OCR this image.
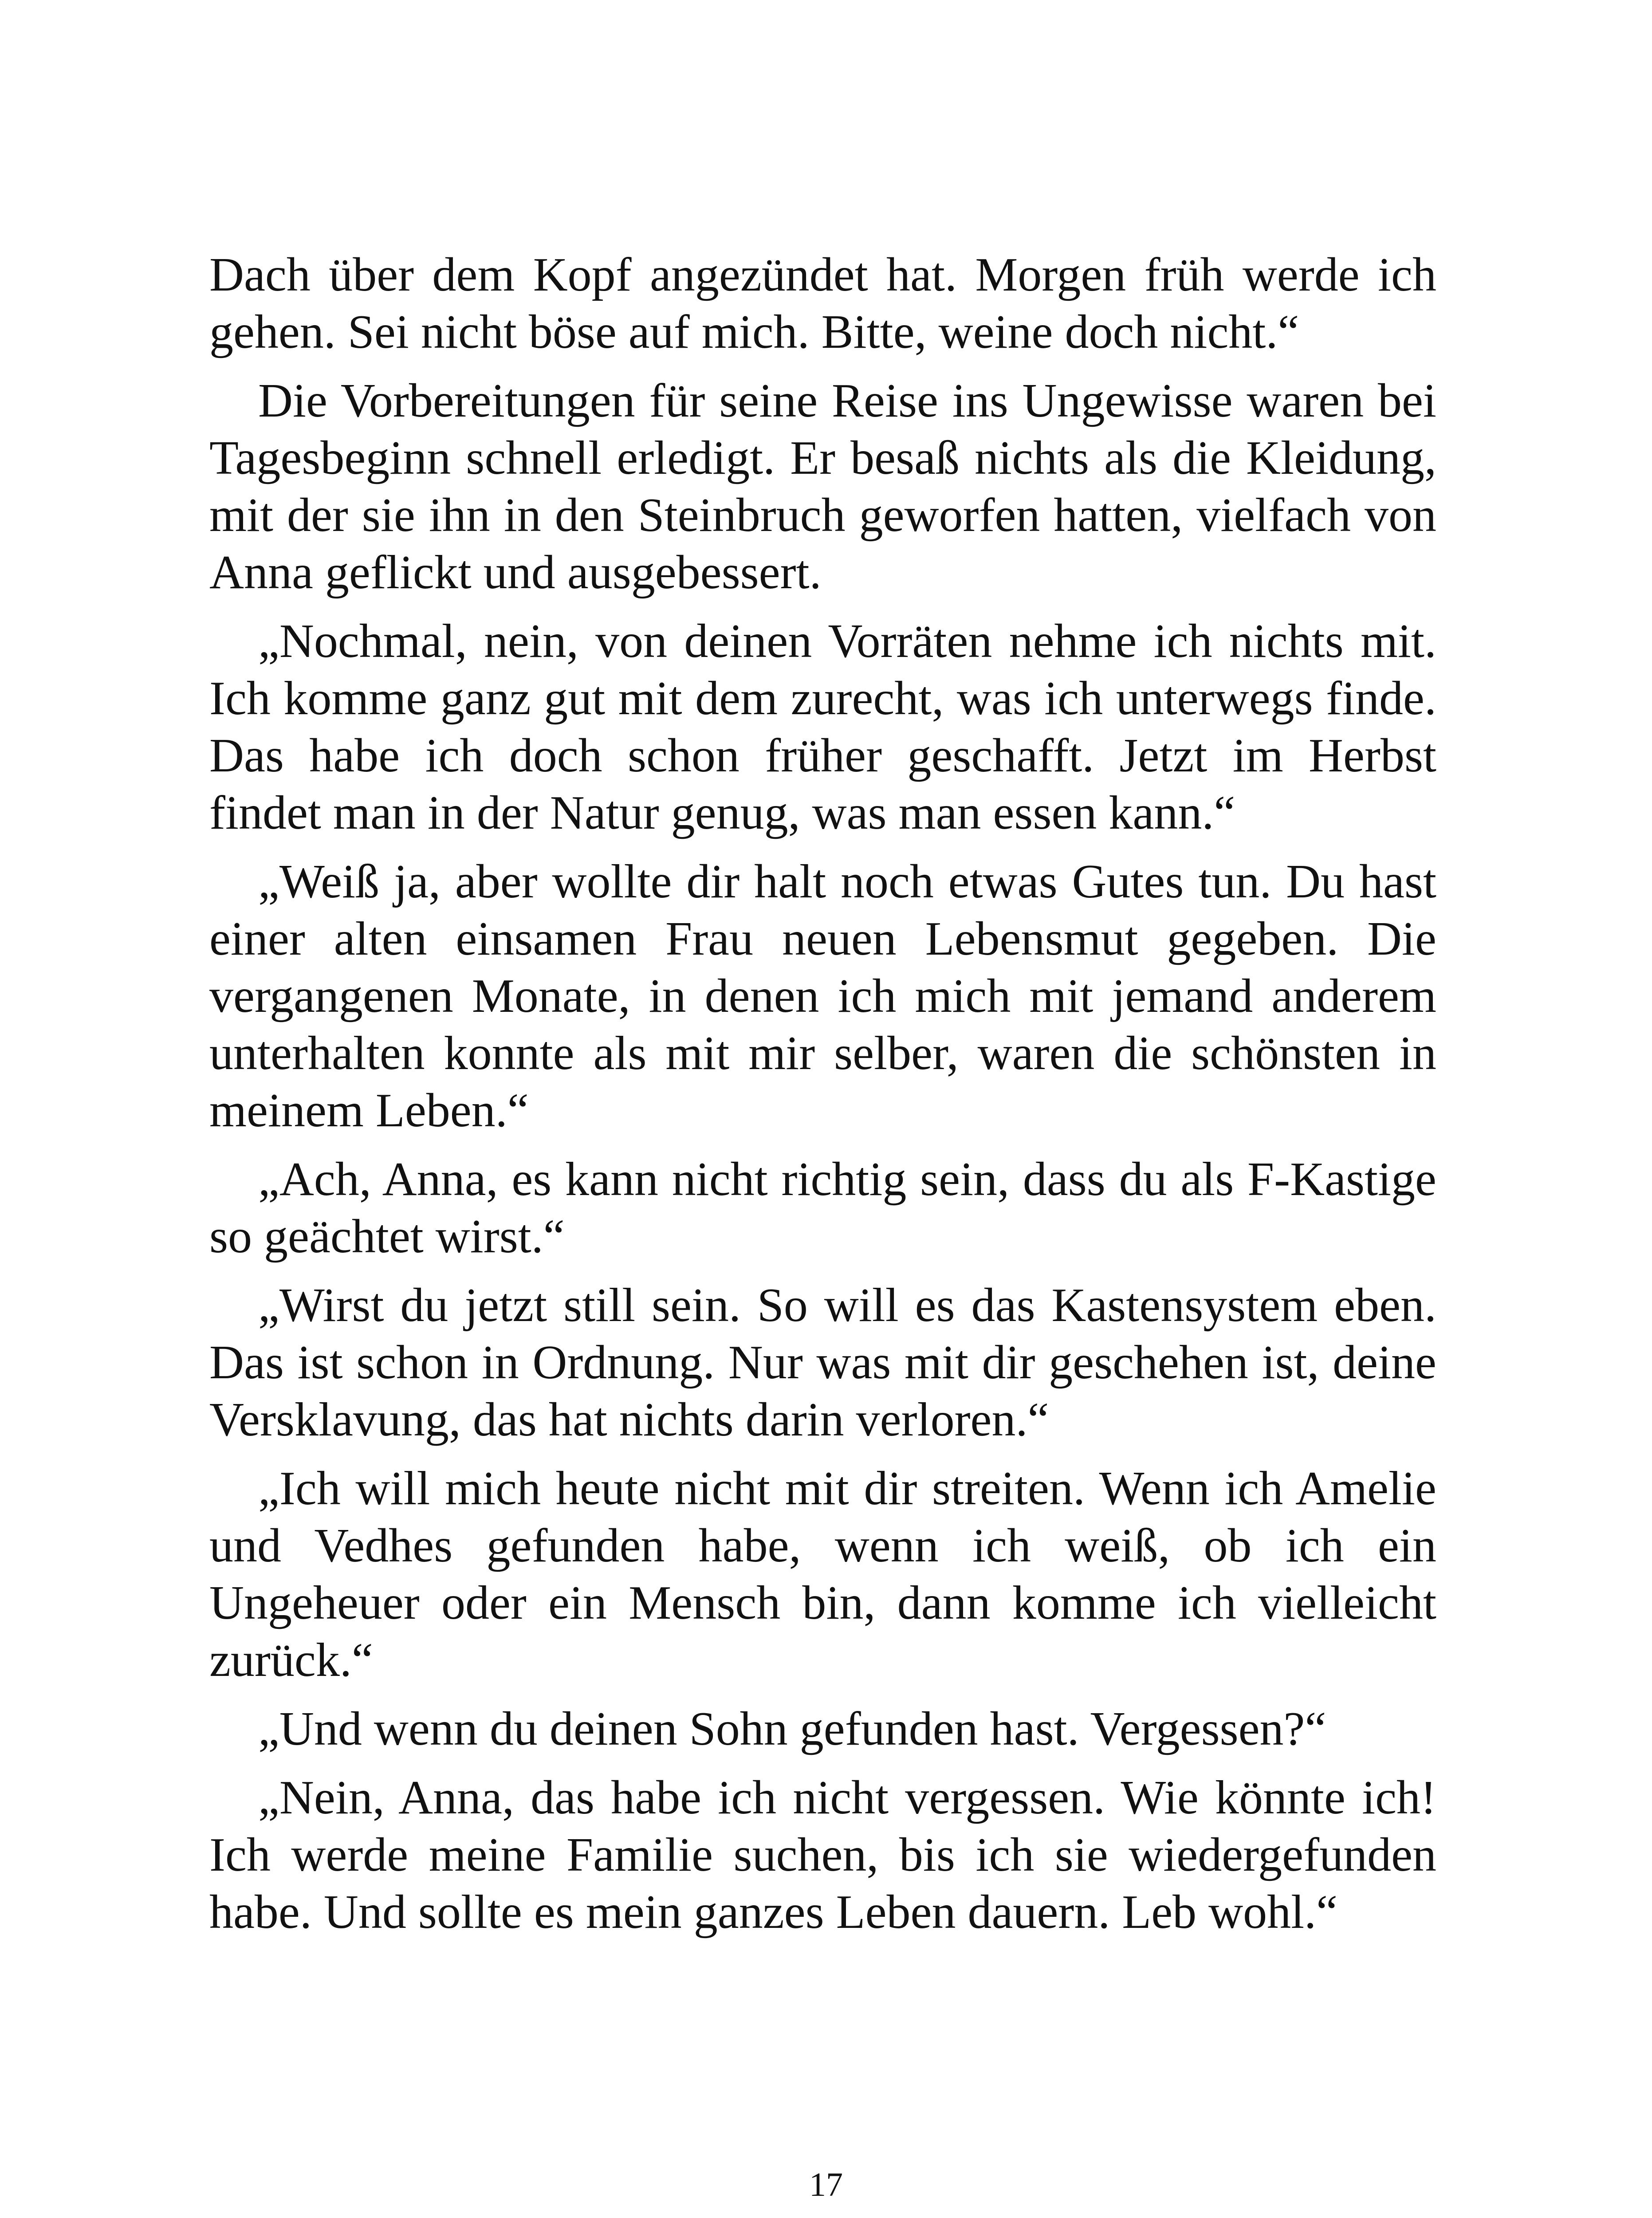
Dach über dem Kopf angezündet hat. Morgen früh werde ich gehen. Sei nicht böse auf mich. Bitte, weine doch nicht.“

Die Vorbereitungen für seine Reise ins Ungewisse waren bei Tagesbeginn schnell erledigt. Er besaß nichts als die Kleidung, mit der sie ihn in den Steinbruch geworfen hatten, vielfach von Anna geflickt und ausgebessert.

„Nochmal, nein, von deinen Vorräten nehme ich nichts mit. Ich komme ganz gut mit dem zurecht, was ich unterwegs finde. Das habe ich doch schon früher geschafft. Jetzt im Herbst findet man in der Natur genug, was man essen kann.“

„Weiß ja, aber wollte dir halt noch etwas Gutes tun. Du hast einer alten einsamen Frau neuen Lebensmut gegeben. Die vergangenen Monate, in denen ich mich mit jemand anderem unterhalten konnte als mit mir selber, waren die schönsten in meinem Leben.“

„Ach, Anna, es kann nicht richtig sein, dass du als F-Kastige so geächtet wirst.“

„Wirst du jetzt still sein. So will es das Kastensystem eben. Das ist schon in Ordnung. Nur was mit dir geschehen ist, deine Versklavung, das hat nichts darin verloren.“

„Ich will mich heute nicht mit dir streiten. Wenn ich Amelie und Vedhes gefunden habe, wenn ich weiß, ob ich ein Ungeheuer oder ein Mensch bin, dann komme ich vielleicht zurück.“

„Und wenn du deinen Sohn gefunden hast. Vergessen?“

„Nein, Anna, das habe ich nicht vergessen. Wie könnte ich! Ich werde meine Familie suchen, bis ich sie wiedergefunden habe. Und sollte es mein ganzes Leben dauern. Leb wohl.“

17
